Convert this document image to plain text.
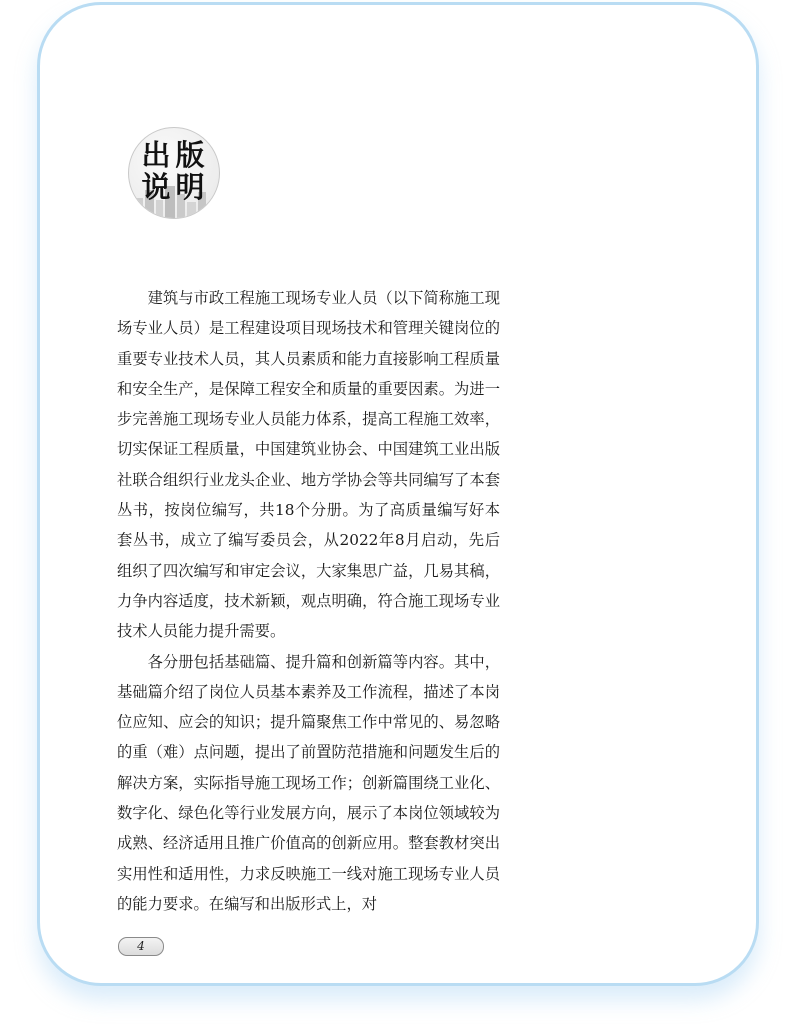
出 版
说 明

建筑与市政工程施工现场专业人员（以下简称施工现场专业人员）是工程建设项目现场技术和管理关键岗位的重要专业技术人员，其人员素质和能力直接影响工程质量和安全生产，是保障工程安全和质量的重要因素。为进一步完善施工现场专业人员能力体系，提高工程施工效率，切实保证工程质量，中国建筑业协会、中国建筑工业出版社联合组织行业龙头企业、地方学协会等共同编写了本套丛书，按岗位编写，共18个分册。为了高质量编写好本套丛书，成立了编写委员会，从2022年8月启动，先后组织了四次编写和审定会议，大家集思广益，几易其稿，力争内容适度，技术新颖，观点明确，符合施工现场专业技术人员能力提升需要。

各分册包括基础篇、提升篇和创新篇等内容。其中，基础篇介绍了岗位人员基本素养及工作流程，描述了本岗位应知、应会的知识；提升篇聚焦工作中常见的、易忽略的重（难）点问题，提出了前置防范措施和问题发生后的解决方案，实际指导施工现场工作；创新篇围绕工业化、数字化、绿色化等行业发展方向，展示了本岗位领域较为成熟、经济适用且推广价值高的创新应用。整套教材突出实用性和适用性，力求反映施工一线对施工现场专业人员的能力要求。在编写和出版形式上，对

4
